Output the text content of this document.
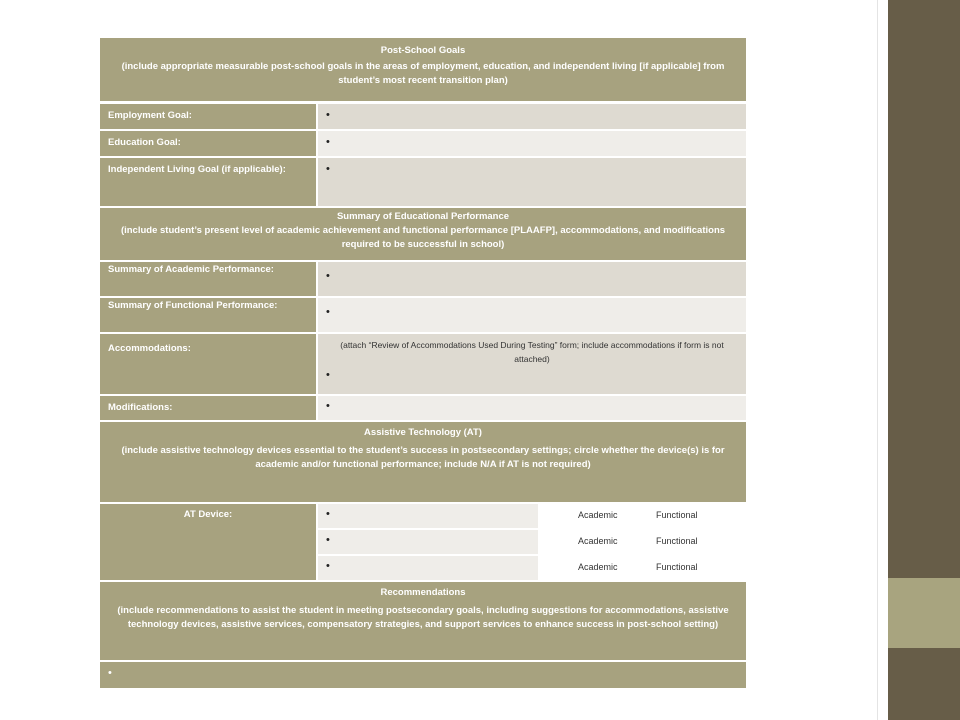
Post-School Goals
(include appropriate measurable post-school goals in the areas of employment, education, and independent living [if applicable] from student’s most recent transition plan)
Employment Goal:	•
Education Goal:	•
Independent Living Goal (if applicable):	•
Summary of Educational Performance
(include student’s present level of academic achievement and functional performance [PLAAFP], accommodations, and modifications required to be successful in school)
Summary of Academic Performance:
•
Summary of Functional Performance:
•
Accommodations:	(attach “Review of Accommodations Used During Testing” form; include accommodations if form is not attached)
•
Modifications:	•
Assistive Technology (AT)
(include assistive technology devices essential to the student’s success in postsecondary settings; circle whether the device(s) is for academic and/or functional performance; include N/A if AT is not required)
AT Device:	•	Academic	Functional
•	Academic	Functional
•	Academic	Functional
Recommendations
(include recommendations to assist the student in meeting postsecondary goals, including suggestions for accommodations, assistive technology devices, assistive services, compensatory strategies, and support services to enhance success in post-school setting)
•
